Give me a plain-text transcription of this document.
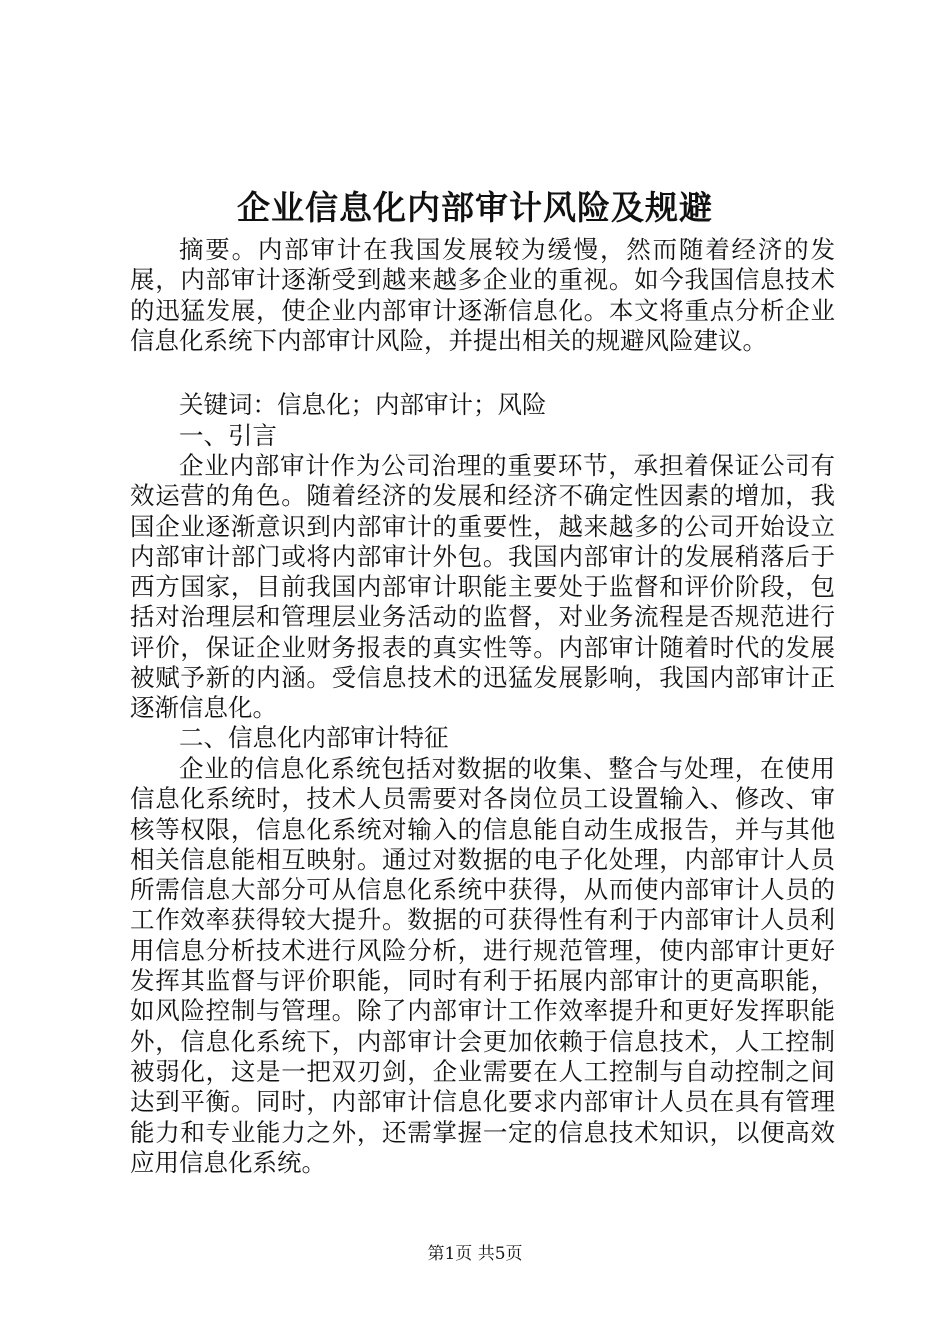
企业信息化内部审计风险及规避

摘要。内部审计在我国发展较为缓慢，然而随着经济的发展，内部审计逐渐受到越来越多企业的重视。如今我国信息技术的迅猛发展，使企业内部审计逐渐信息化。本文将重点分析企业信息化系统下内部审计风险，并提出相关的规避风险建议。

关键词：信息化；内部审计；风险

一、引言

企业内部审计作为公司治理的重要环节，承担着保证公司有效运营的角色。随着经济的发展和经济不确定性因素的增加，我国企业逐渐意识到内部审计的重要性，越来越多的公司开始设立内部审计部门或将内部审计外包。我国内部审计的发展稍落后于西方国家，目前我国内部审计职能主要处于监督和评价阶段，包括对治理层和管理层业务活动的监督，对业务流程是否规范进行评价，保证企业财务报表的真实性等。内部审计随着时代的发展被赋予新的内涵。受信息技术的迅猛发展影响，我国内部审计正逐渐信息化。

二、信息化内部审计特征

企业的信息化系统包括对数据的收集、整合与处理，在使用信息化系统时，技术人员需要对各岗位员工设置输入、修改、审核等权限，信息化系统对输入的信息能自动生成报告，并与其他相关信息能相互映射。通过对数据的电子化处理，内部审计人员所需信息大部分可从信息化系统中获得，从而使内部审计人员的工作效率获得较大提升。数据的可获得性有利于内部审计人员利用信息分析技术进行风险分析，进行规范管理，使内部审计更好发挥其监督与评价职能，同时有利于拓展内部审计的更高职能，如风险控制与管理。除了内部审计工作效率提升和更好发挥职能外，信息化系统下，内部审计会更加依赖于信息技术，人工控制被弱化，这是一把双刃剑，企业需要在人工控制与自动控制之间达到平衡。同时，内部审计信息化要求内部审计人员在具有管理能力和专业能力之外，还需掌握一定的信息技术知识，以便高效应用信息化系统。

第1页 共5页
